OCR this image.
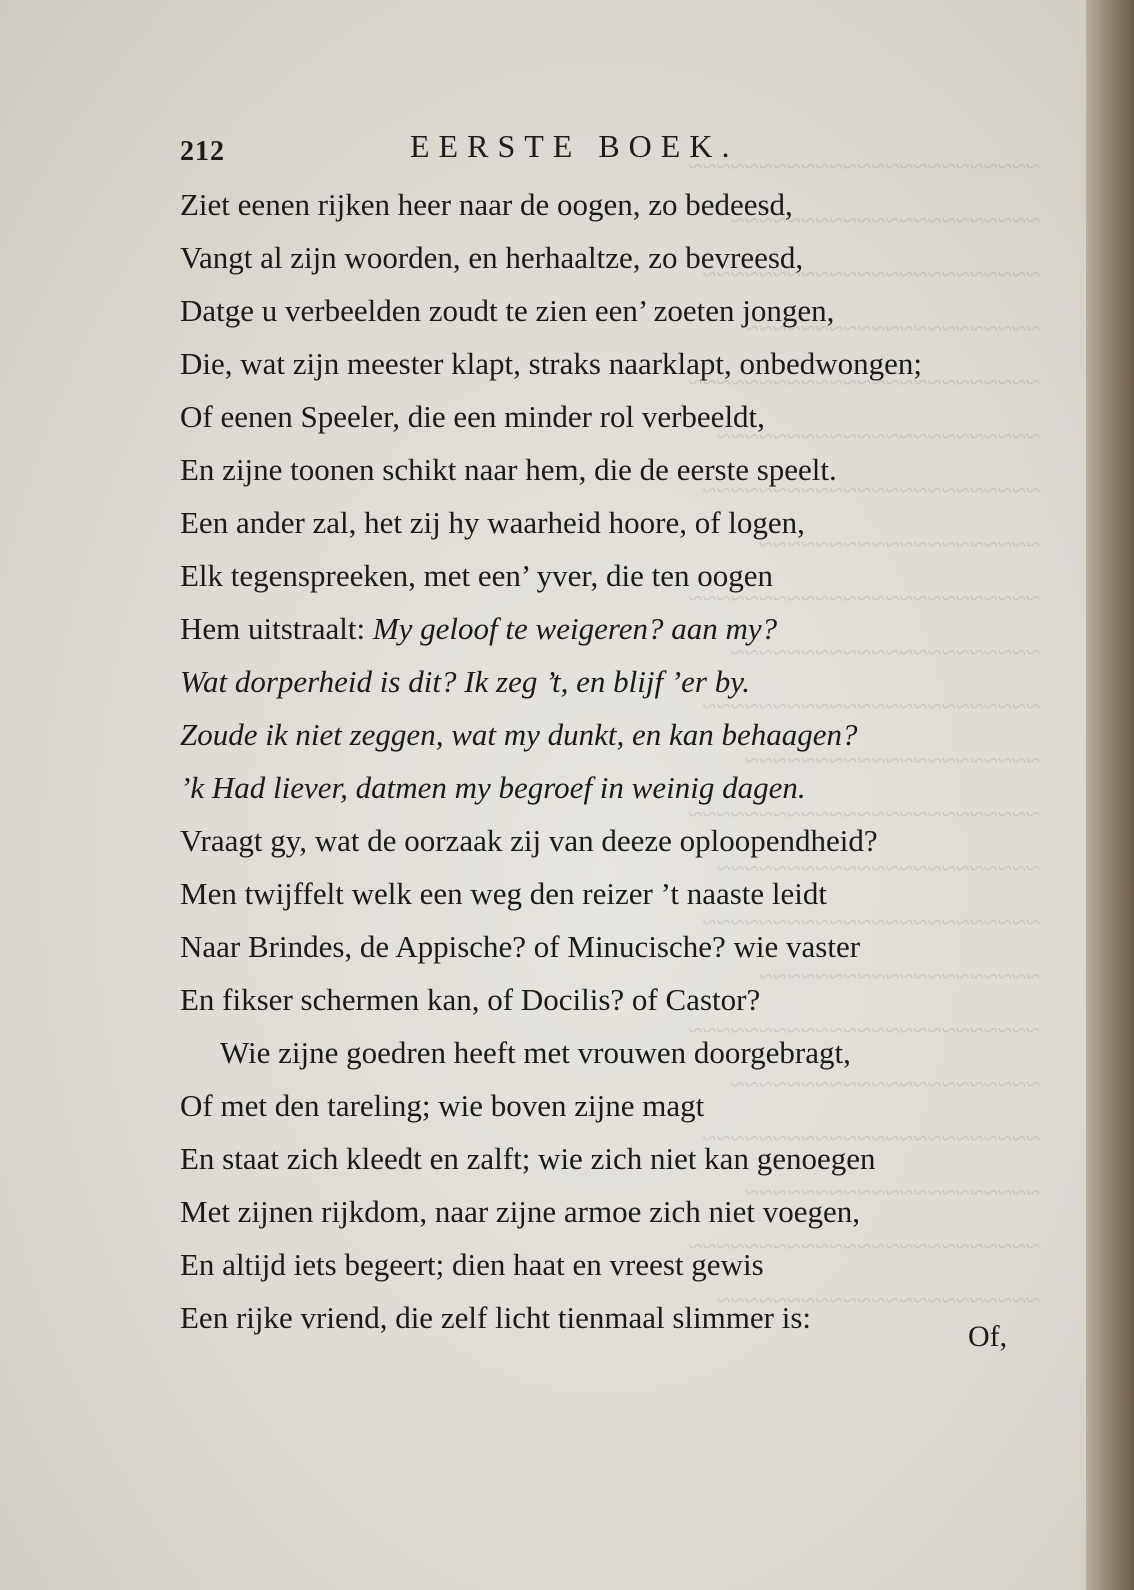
~~~~~~~~~~~~~~~~~~~~~~~~~
~~~~~~~~~~~~~~~~~~~~~~
~~~~~~~~~~~~~~~~~~~~~~~~
~~~~~~~~~~~~~~~~~~~~~
~~~~~~~~~~~~~~~~~~~~~~~~~
~~~~~~~~~~~~~~~~~~~~~~~
~~~~~~~~~~~~~~~~~~~~~~~~
~~~~~~~~~~~~~~~~~~~~
~~~~~~~~~~~~~~~~~~~~~~~~~
~~~~~~~~~~~~~~~~~~~~~~
~~~~~~~~~~~~~~~~~~~~~~~~
~~~~~~~~~~~~~~~~~~~~~
~~~~~~~~~~~~~~~~~~~~~~~~~
~~~~~~~~~~~~~~~~~~~~~~~
~~~~~~~~~~~~~~~~~~~~~~~~
~~~~~~~~~~~~~~~~~~~~
~~~~~~~~~~~~~~~~~~~~~~~~~
~~~~~~~~~~~~~~~~~~~~~~
~~~~~~~~~~~~~~~~~~~~~~~~
~~~~~~~~~~~~~~~~~~~~~
~~~~~~~~~~~~~~~~~~~~~~~~~
~~~~~~~~~~~~~~~~~~~~~~~
212	EERSTE BOEK.
Ziet eenen rijken heer naar de oogen, zo bedeesd,
Vangt al zijn woorden, en herhaaltze, zo bevreesd,
Datge u verbeelden zoudt te zien een’ zoeten jongen,
Die, wat zijn meester klapt, straks naarklapt, onbedwongen;
Of eenen Speeler, die een minder rol verbeeldt,
En zijne toonen schikt naar hem, die de eerste speelt.
Een ander zal, het zij hy waarheid hoore, of logen,
Elk tegenspreeken, met een’ yver, die ten oogen
Hem uitstraalt: My geloof te weigeren? aan my?
Wat dorperheid is dit? Ik zeg ’t, en blijf ’er by.
Zoude ik niet zeggen, wat my dunkt, en kan behaagen?
’k Had liever, datmen my begroef in weinig dagen.
Vraagt gy, wat de oorzaak zij van deeze oploopendheid?
Men twijffelt welk een weg den reizer ’t naaste leidt
Naar Brindes, de Appische? of Minucische? wie vaster
En fikser schermen kan, of Docilis? of Castor?
Wie zijne goedren heeft met vrouwen doorgebragt,
Of met den tareling; wie boven zijne magt
En staat zich kleedt en zalft; wie zich niet kan genoegen
Met zijnen rijkdom, naar zijne armoe zich niet voegen,
En altijd iets begeert; dien haat en vreest gewis
Een rijke vriend, die zelf licht tienmaal slimmer is:
Of,
